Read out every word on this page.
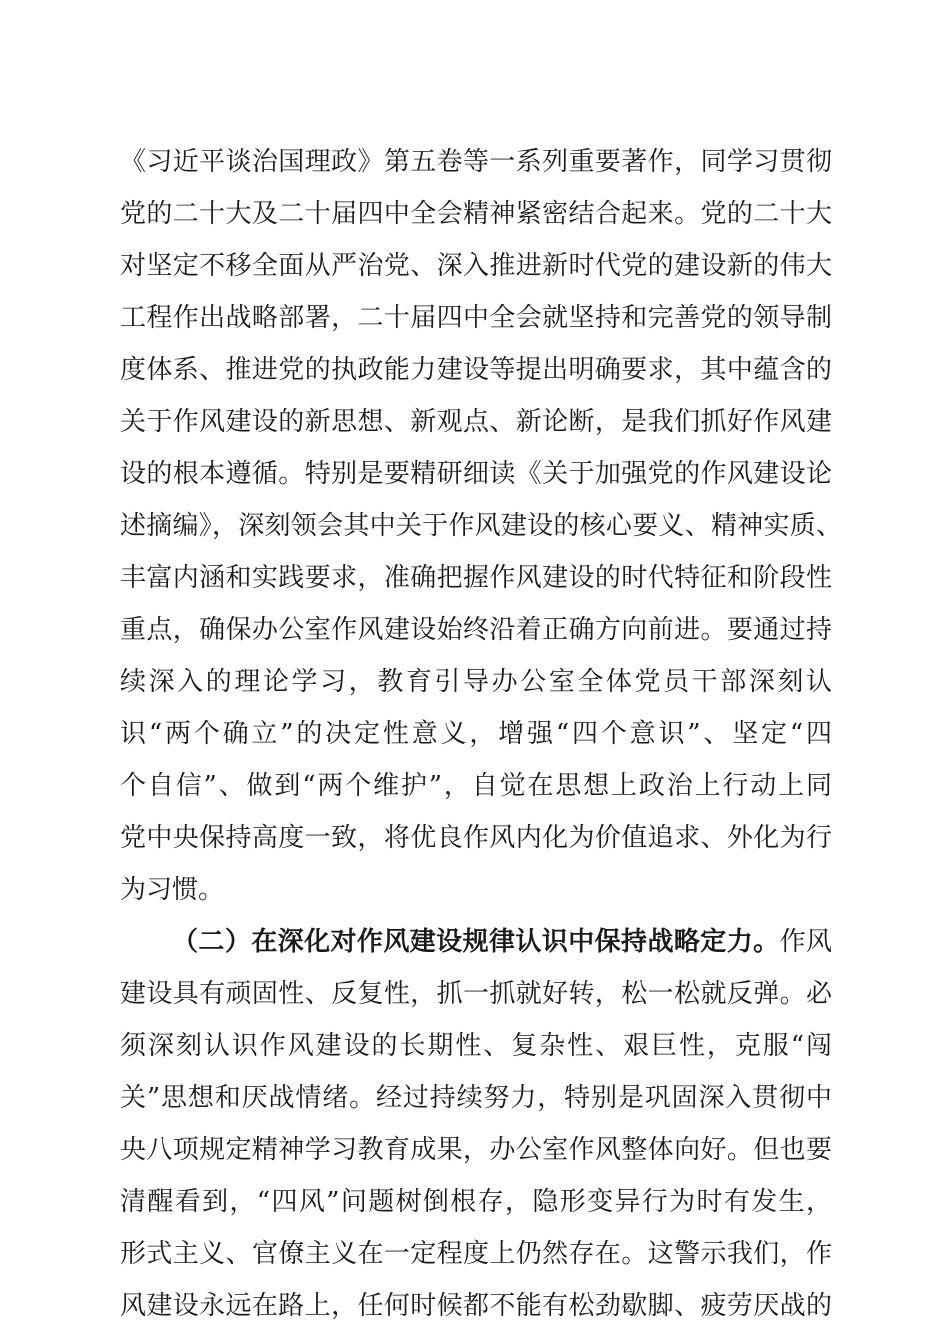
《习近平谈治国理政》第五卷等一系列重要著作，同学习贯彻
党的二十大及二十届四中全会精神紧密结合起来。党的二十大
对坚定不移全面从严治党、深入推进新时代党的建设新的伟大
工程作出战略部署，二十届四中全会就坚持和完善党的领导制
度体系、推进党的执政能力建设等提出明确要求，其中蕴含的
关于作风建设的新思想、新观点、新论断，是我们抓好作风建
设的根本遵循。特别是要精研细读《关于加强党的作风建设论
述摘编》，深刻领会其中关于作风建设的核心要义、精神实质、
丰富内涵和实践要求，准确把握作风建设的时代特征和阶段性
重点，确保办公室作风建设始终沿着正确方向前进。要通过持
续深入的理论学习，教育引导办公室全体党员干部深刻认
识“两个确立”的决定性意义，增强“四个意识”、坚定“四
个自信”、做到“两个维护”，自觉在思想上政治上行动上同
党中央保持高度一致，将优良作风内化为价值追求、外化为行
为习惯。
（二）在深化对作风建设规律认识中保持战略定力。作风
建设具有顽固性、反复性，抓一抓就好转，松一松就反弹。必
须深刻认识作风建设的长期性、复杂性、艰巨性，克服“闯
关”思想和厌战情绪。经过持续努力，特别是巩固深入贯彻中
央八项规定精神学习教育成果，办公室作风整体向好。但也要
清醒看到，“四风”问题树倒根存，隐形变异行为时有发生，
形式主义、官僚主义在一定程度上仍然存在。这警示我们，作
风建设永远在路上，任何时候都不能有松劲歇脚、疲劳厌战的
